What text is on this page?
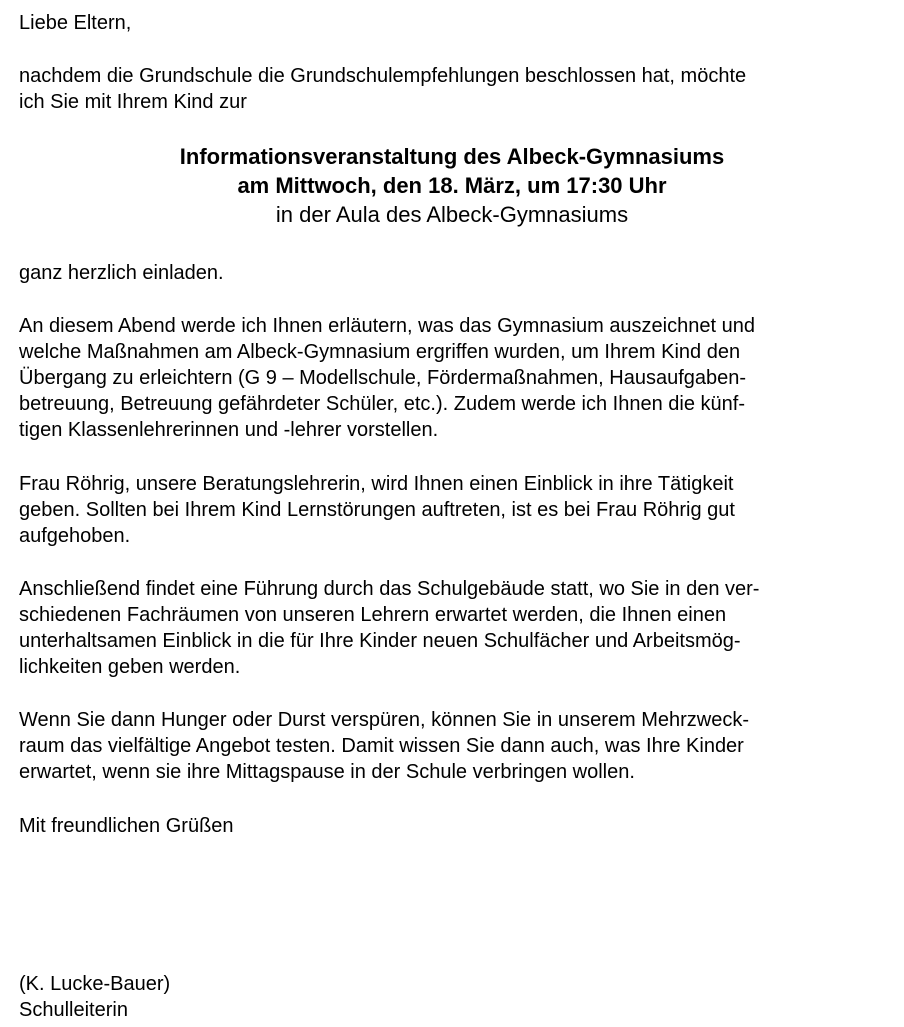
Liebe Eltern,
nachdem die Grundschule die Grundschulempfehlungen beschlossen hat, möchte
ich Sie mit Ihrem Kind zur
Informationsveranstaltung des Albeck-Gymnasiums
am Mittwoch, den 18. März, um 17:30 Uhr
in der Aula des Albeck-Gymnasiums
ganz herzlich einladen.
An diesem Abend werde ich Ihnen erläutern, was das Gymnasium auszeichnet und
welche Maßnahmen am Albeck-Gymnasium ergriffen wurden, um Ihrem Kind den
Übergang zu erleichtern (G 9 – Modellschule, Fördermaßnahmen, Hausaufgaben-
betreuung, Betreuung gefährdeter Schüler, etc.). Zudem werde ich Ihnen die künf-
tigen Klassenlehrerinnen und -lehrer vorstellen.
Frau Röhrig, unsere Beratungslehrerin, wird Ihnen einen Einblick in ihre Tätigkeit
geben. Sollten bei Ihrem Kind Lernstörungen auftreten, ist es bei Frau Röhrig gut
aufgehoben.
Anschließend findet eine Führung durch das Schulgebäude statt, wo Sie in den ver-
schiedenen Fachräumen von unseren Lehrern erwartet werden, die Ihnen einen
unterhaltsamen Einblick in die für Ihre Kinder neuen Schulfächer und Arbeitsmög-
lichkeiten geben werden.
Wenn Sie dann Hunger oder Durst verspüren, können Sie in unserem Mehrzweck-
raum das vielfältige Angebot testen. Damit wissen Sie dann auch, was Ihre Kinder
erwartet, wenn sie ihre Mittagspause in der Schule verbringen wollen.
Mit freundlichen Grüßen
(K. Lucke-Bauer)
Schulleiterin
